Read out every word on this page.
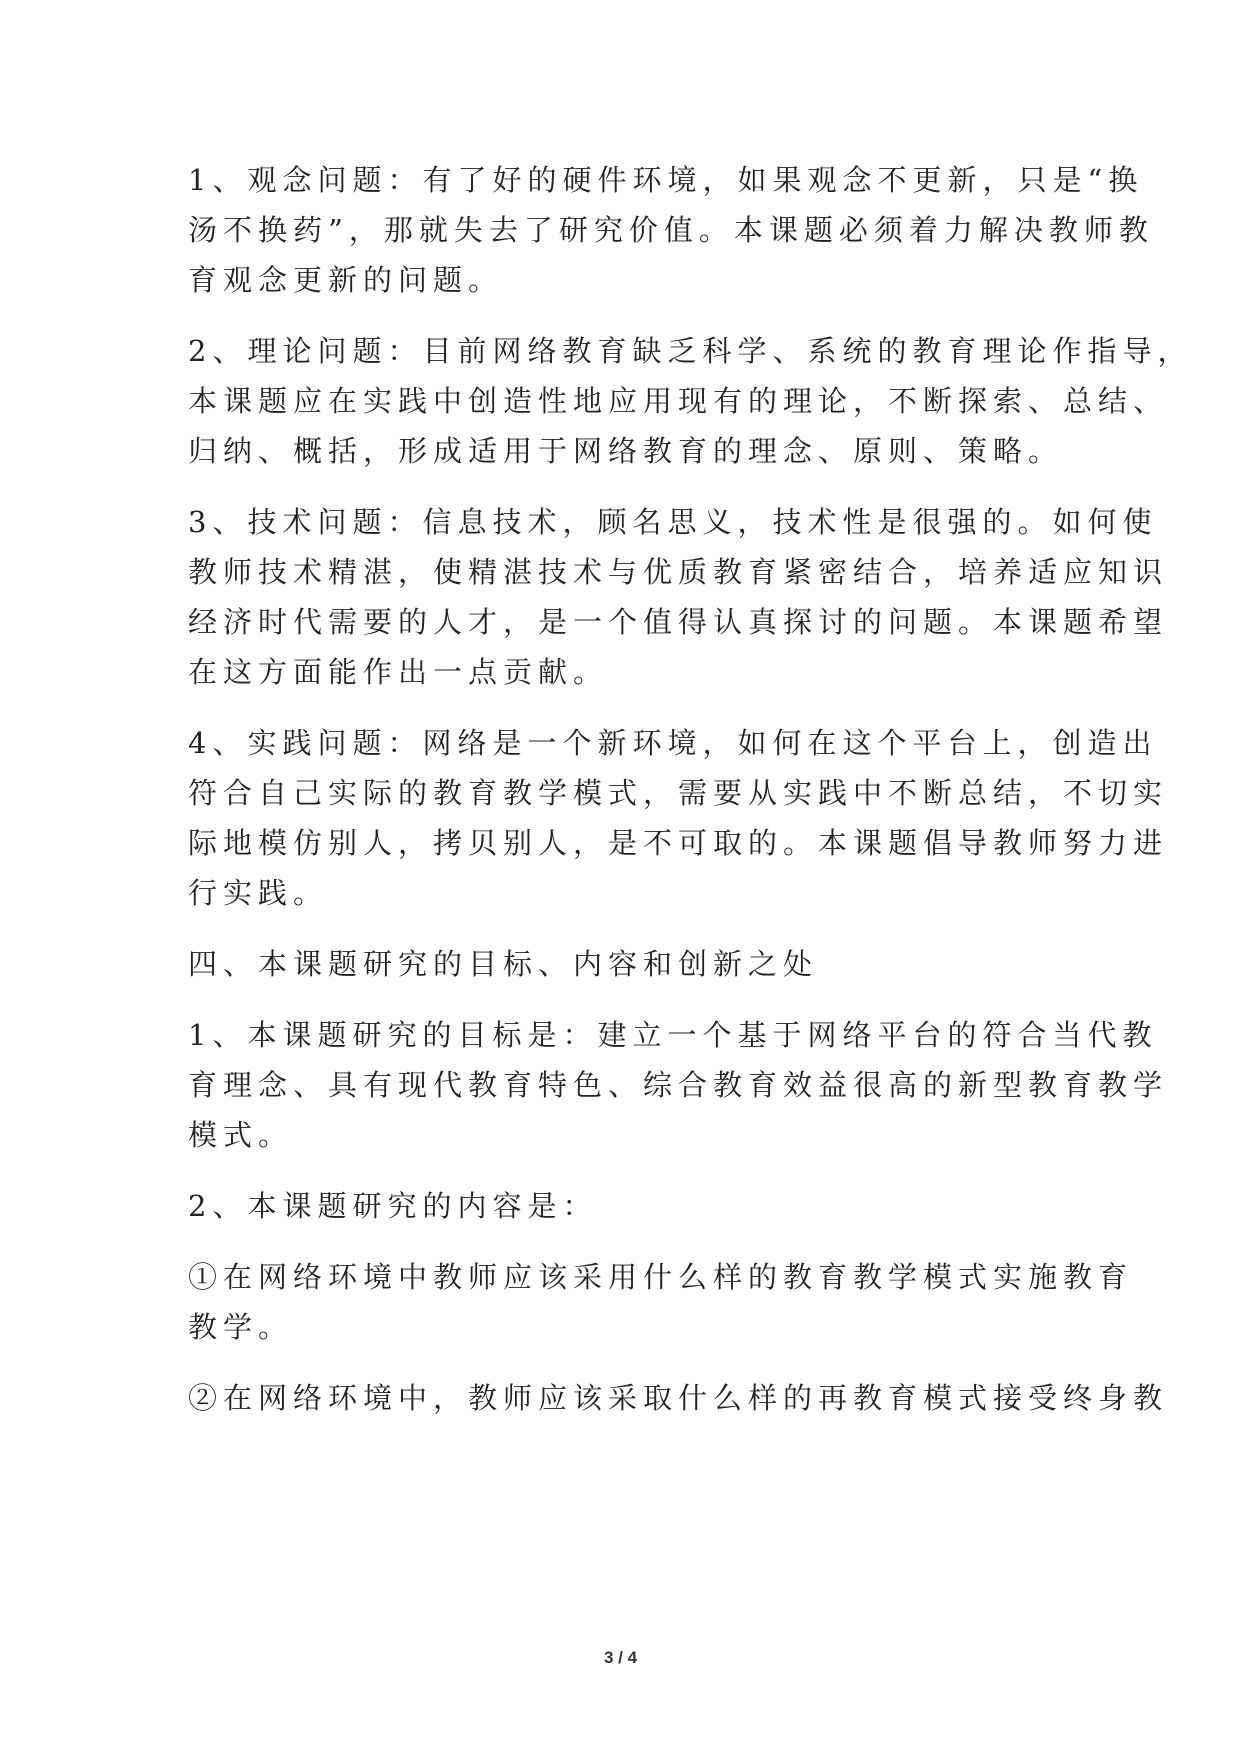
1、观念问题：有了好的硬件环境，如果观念不更新，只是“换
汤不换药”，那就失去了研究价值。本课题必须着力解决教师教
育观念更新的问题。
2、理论问题：目前网络教育缺乏科学、系统的教育理论作指导，
本课题应在实践中创造性地应用现有的理论，不断探索、总结、
归纳、概括，形成适用于网络教育的理念、原则、策略。
3、技术问题：信息技术，顾名思义，技术性是很强的。如何使
教师技术精湛，使精湛技术与优质教育紧密结合，培养适应知识
经济时代需要的人才，是一个值得认真探讨的问题。本课题希望
在这方面能作出一点贡献。
4、实践问题：网络是一个新环境，如何在这个平台上，创造出
符合自己实际的教育教学模式，需要从实践中不断总结，不切实
际地模仿别人，拷贝别人，是不可取的。本课题倡导教师努力进
行实践。
四、本课题研究的目标、内容和创新之处
1、本课题研究的目标是：建立一个基于网络平台的符合当代教
育理念、具有现代教育特色、综合教育效益很高的新型教育教学
模式。
2、本课题研究的内容是：
①在网络环境中教师应该采用什么样的教育教学模式实施教育
教学。
②在网络环境中，教师应该采取什么样的再教育模式接受终身教
3 / 4
